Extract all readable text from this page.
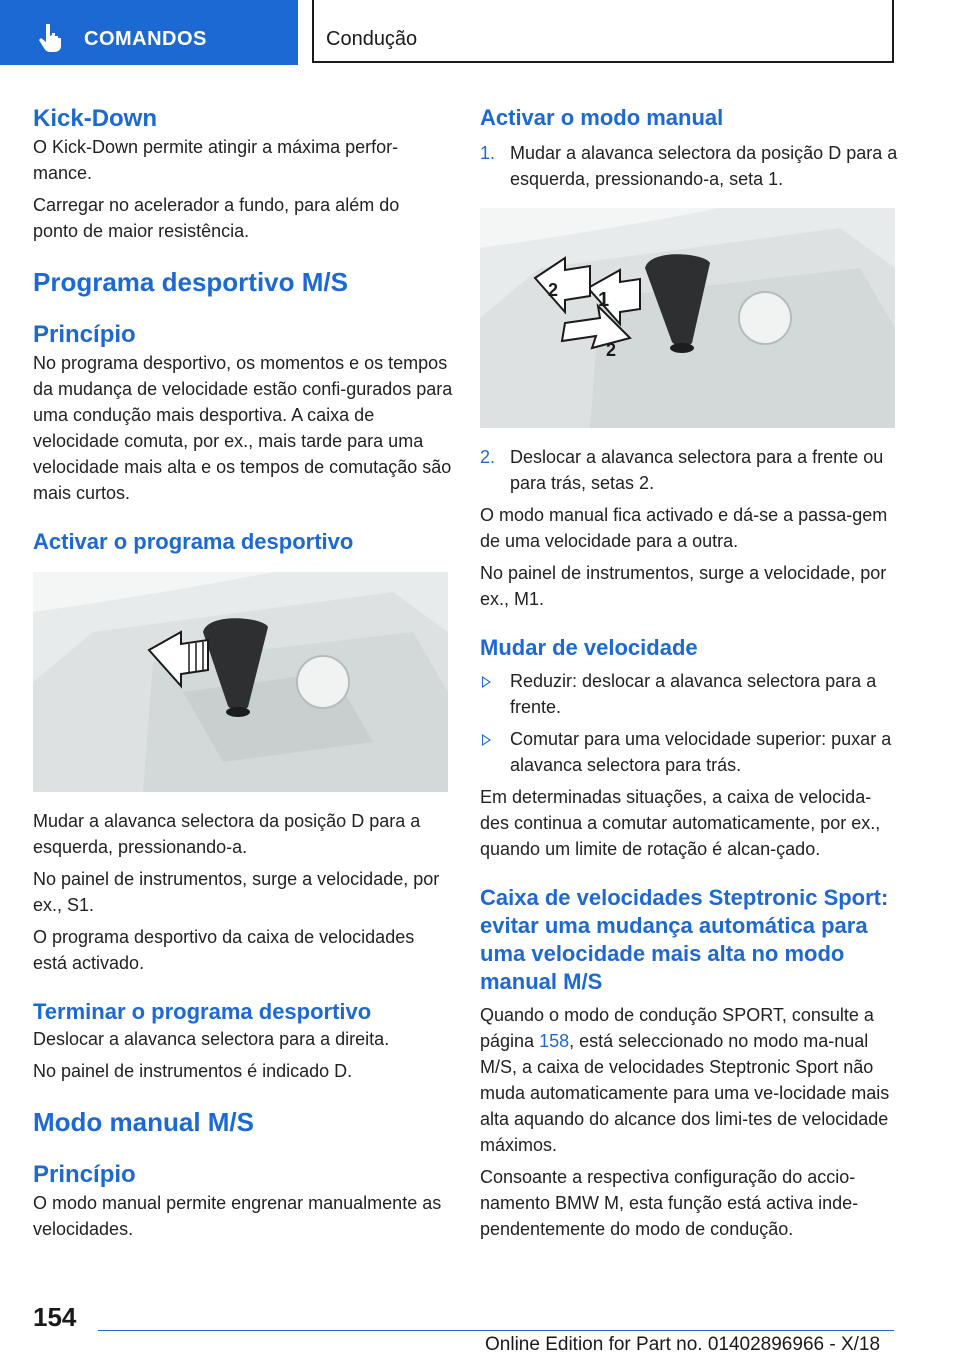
COMANDOS	Condução
Kick-Down

O Kick-Down permite atingir a máxima perfor-mance.

Carregar no acelerador a fundo, para além do ponto de maior resistência.

Programa desportivo M/S
Princípio

No programa desportivo, os momentos e os tempos da mudança de velocidade estão confi-gurados para uma condução mais desportiva. A caixa de velocidade comuta, por ex., mais tarde para uma velocidade mais alta e os tempos de comutação são mais curtos.

Activar o programa desportivo

Mudar a alavanca selectora da posição D para a esquerda, pressionando-a.

No painel de instrumentos, surge a velocidade, por ex., S1.

O programa desportivo da caixa de velocidades está activado.

Terminar o programa desportivo

Deslocar a alavanca selectora para a direita.

No painel de instrumentos é indicado D.

Modo manual M/S
Princípio

O modo manual permite engrenar manualmente as velocidades.

Activar o modo manual
1. Mudar a alavanca selectora da posição D para a esquerda, pressionando-a, seta 1.
1
2
2
2. Deslocar a alavanca selectora para a frente ou para trás, setas 2.

O modo manual fica activado e dá-se a passa-gem de uma velocidade para a outra.

No painel de instrumentos, surge a velocidade, por ex., M1.

Mudar de velocidade
Reduzir: deslocar a alavanca selectora para a frente.
Comutar para uma velocidade superior: puxar a alavanca selectora para trás.

Em determinadas situações, a caixa de velocida-des continua a comutar automaticamente, por ex., quando um limite de rotação é alcan-çado.

Caixa de velocidades Steptronic Sport: evitar uma mudança automática para uma velocidade mais alta no modo manual M/S

Quando o modo de condução SPORT, consulte a página 158, está seleccionado no modo ma-nual M/S, a caixa de velocidades Steptronic Sport não muda automaticamente para uma ve-locidade mais alta aquando do alcance dos limi-tes de velocidade máximos.

Consoante a respectiva configuração do accio-namento BMW M, esta função está activa inde-pendentemente do modo de condução.

154
Online Edition for Part no. 01402896966 - X/18
